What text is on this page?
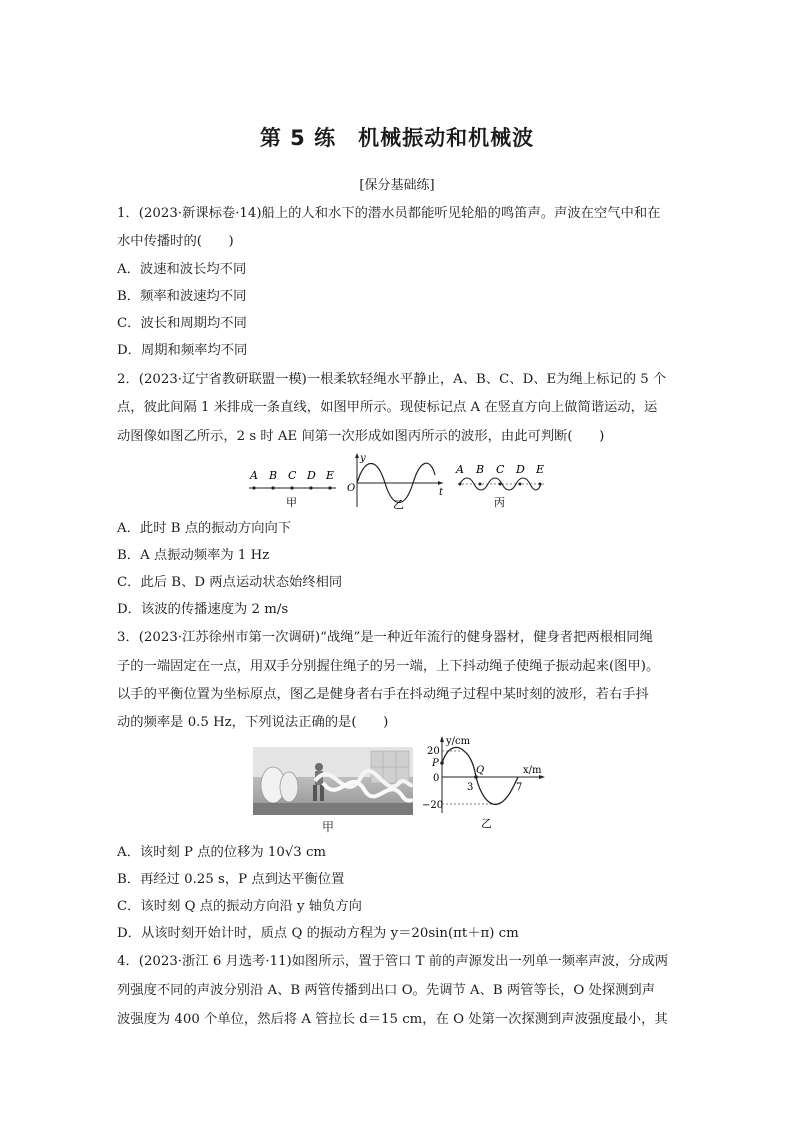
第 5 练　机械振动和机械波
[保分基础练]
1．(2023·新课标卷·14)船上的人和水下的潜水员都能听见轮船的鸣笛声。声波在空气中和在
水中传播时的(　　)
A．波速和波长均不同
B．频率和波速均不同
C．波长和周期均不同
D．周期和频率均不同
2．(2023·辽宁省教研联盟一模)一根柔软轻绳水平静止，A、B、C、D、E为绳上标记的 5 个
点，彼此间隔 1 米排成一条直线，如图甲所示。现使标记点 A 在竖直方向上做简谐运动，运
动图像如图乙所示，2 s 时 AE 间第一次形成如图丙所示的波形，由此可判断(　　)
A B C D E
甲
y
O	t
乙
A B C D E
丙
A．此时 B 点的振动方向向下
B．A 点振动频率为 1 Hz
C．此后 B、D 两点运动状态始终相同
D．该波的传播速度为 2 m/s
3．(2023·江苏徐州市第一次调研)“战绳”是一种近年流行的健身器材，健身者把两根相同绳
子的一端固定在一点，用双手分别握住绳子的另一端，上下抖动绳子使绳子振动起来(图甲)。
以手的平衡位置为坐标原点，图乙是健身者右手在抖动绳子过程中某时刻的波形，若右手抖
动的频率是 0.5 Hz，下列说法正确的是(　　)
甲
y/cm
x/m
20
0
−20
3	7
P
Q
乙
A．该时刻 P 点的位移为 10√3 cm
B．再经过 0.25 s，P 点到达平衡位置
C．该时刻 Q 点的振动方向沿 y 轴负方向
D．从该时刻开始计时，质点 Q 的振动方程为 y＝20sin(πt＋π) cm
4．(2023·浙江 6 月选考·11)如图所示，置于管口 T 前的声源发出一列单一频率声波，分成两
列强度不同的声波分别沿 A、B 两管传播到出口 O。先调节 A、B 两管等长，O 处探测到声
波强度为 400 个单位，然后将 A 管拉长 d＝15 cm，在 O 处第一次探测到声波强度最小，其
